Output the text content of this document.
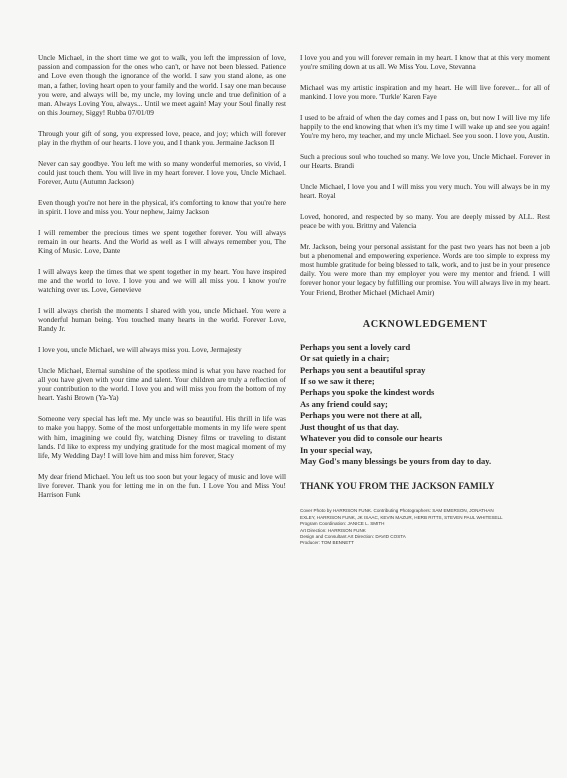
Uncle Michael, in the short time we got to walk, you left the impression of love, passion and compassion for the ones who can't, or have not been blessed. Patience and Love even though the ignorance of the world. I saw you stand alone, as one man, a father, loving heart open to your family and the world. I say one man because you were, and always will be, my uncle, my loving uncle and true definition of a man. Always Loving You, always... Until we meet again! May your Soul finally rest on this Journey, Siggy! Rubba 07/01/09

Through your gift of song, you expressed love, peace, and joy; which will forever play in the rhythm of our hearts. I love you, and I thank you. Jermaine Jackson II

Never can say goodbye. You left me with so many wonderful memories, so vivid, I could just touch them. You will live in my heart forever. I love you, Uncle Michael. Forever, Autu (Autumn Jackson)

Even though you're not here in the physical, it's comforting to know that you're here in spirit. I love and miss you. Your nephew, Jaimy Jackson

I will remember the precious times we spent together forever. You will always remain in our hearts. And the World as well as I will always remember you, The King of Music. Love, Dante

I will always keep the times that we spent together in my heart. You have inspired me and the world to love. I love you and we will all miss you. I know you're watching over us. Love, Genevieve

I will always cherish the moments I shared with you, uncle Michael. You were a wonderful human being. You touched many hearts in the world. Forever Love, Randy Jr.

I love you, uncle Michael, we will always miss you. Love, Jermajesty

Uncle Michael, Eternal sunshine of the spotless mind is what you have reached for all you have given with your time and talent. Your children are truly a reflection of your contribution to the world. I love you and will miss you from the bottom of my heart. Yashi Brown (Ya-Ya)

Someone very special has left me. My uncle was so beautiful. His thrill in life was to make you happy. Some of the most unforgettable moments in my life were spent with him, imagining we could fly, watching Disney films or traveling to distant lands. I'd like to express my undying gratitude for the most magical moment of my life, My Wedding Day! I will love him and miss him forever, Stacy

My dear friend Michael. You left us too soon but your legacy of music and love will live forever. Thank you for letting me in on the fun. I Love You and Miss You! Harrison Funk

I love you and you will forever remain in my heart. I know that at this very moment you're smiling down at us all. We Miss You. Love, Stevanna

Michael was my artistic inspiration and my heart. He will live forever... for all of mankind. I love you more. 'Turkle' Karen Faye

I used to be afraid of when the day comes and I pass on, but now I will live my life happily to the end knowing that when it's my time I will wake up and see you again! You're my hero, my teacher, and my uncle Michael. See you soon. I love you, Austin.

Such a precious soul who touched so many. We love you, Uncle Michael. Forever in our Hearts. Brandi

Uncle Michael, I love you and I will miss you very much. You will always be in my heart. Royal

Loved, honored, and respected by so many. You are deeply missed by ALL. Rest peace be with you. Brittny and Valencia

Mr. Jackson, being your personal assistant for the past two years has not been a job but a phenomenal and empowering experience. Words are too simple to express my most humble gratitude for being blessed to talk, work, and to just be in your presence daily. You were more than my employer you were my mentor and friend. I will forever honor your legacy by fulfilling our promise. You will always live in my heart. Your Friend, Brother Michael (Michael Amir)

ACKNOWLEDGEMENT

Perhaps you sent a lovely card

Or sat quietly in a chair;

Perhaps you sent a beautiful spray

If so we saw it there;

Perhaps you spoke the kindest words

As any friend could say;

Perhaps you were not there at all,

Just thought of us that day.

Whatever you did to console our hearts

In your special way,

May God's many blessings be yours from day to day.

THANK YOU FROM THE JACKSON FAMILY

Cover Photo by HARRISON FUNK. Contributing Photographers: SAM EMERSON, JONATHAN

EXLEY, HARRISON FUNK, JK ISAAC, KEVIN MAZUR, HERB RITTS, STEVEN PAUL WHITESELL

Program Coordination: JANICE L. SMITH

Art Direction: HARRISON FUNK

Design and Consultant Art Direction: DAVID COSTA

Producer: TOM BENNETT
